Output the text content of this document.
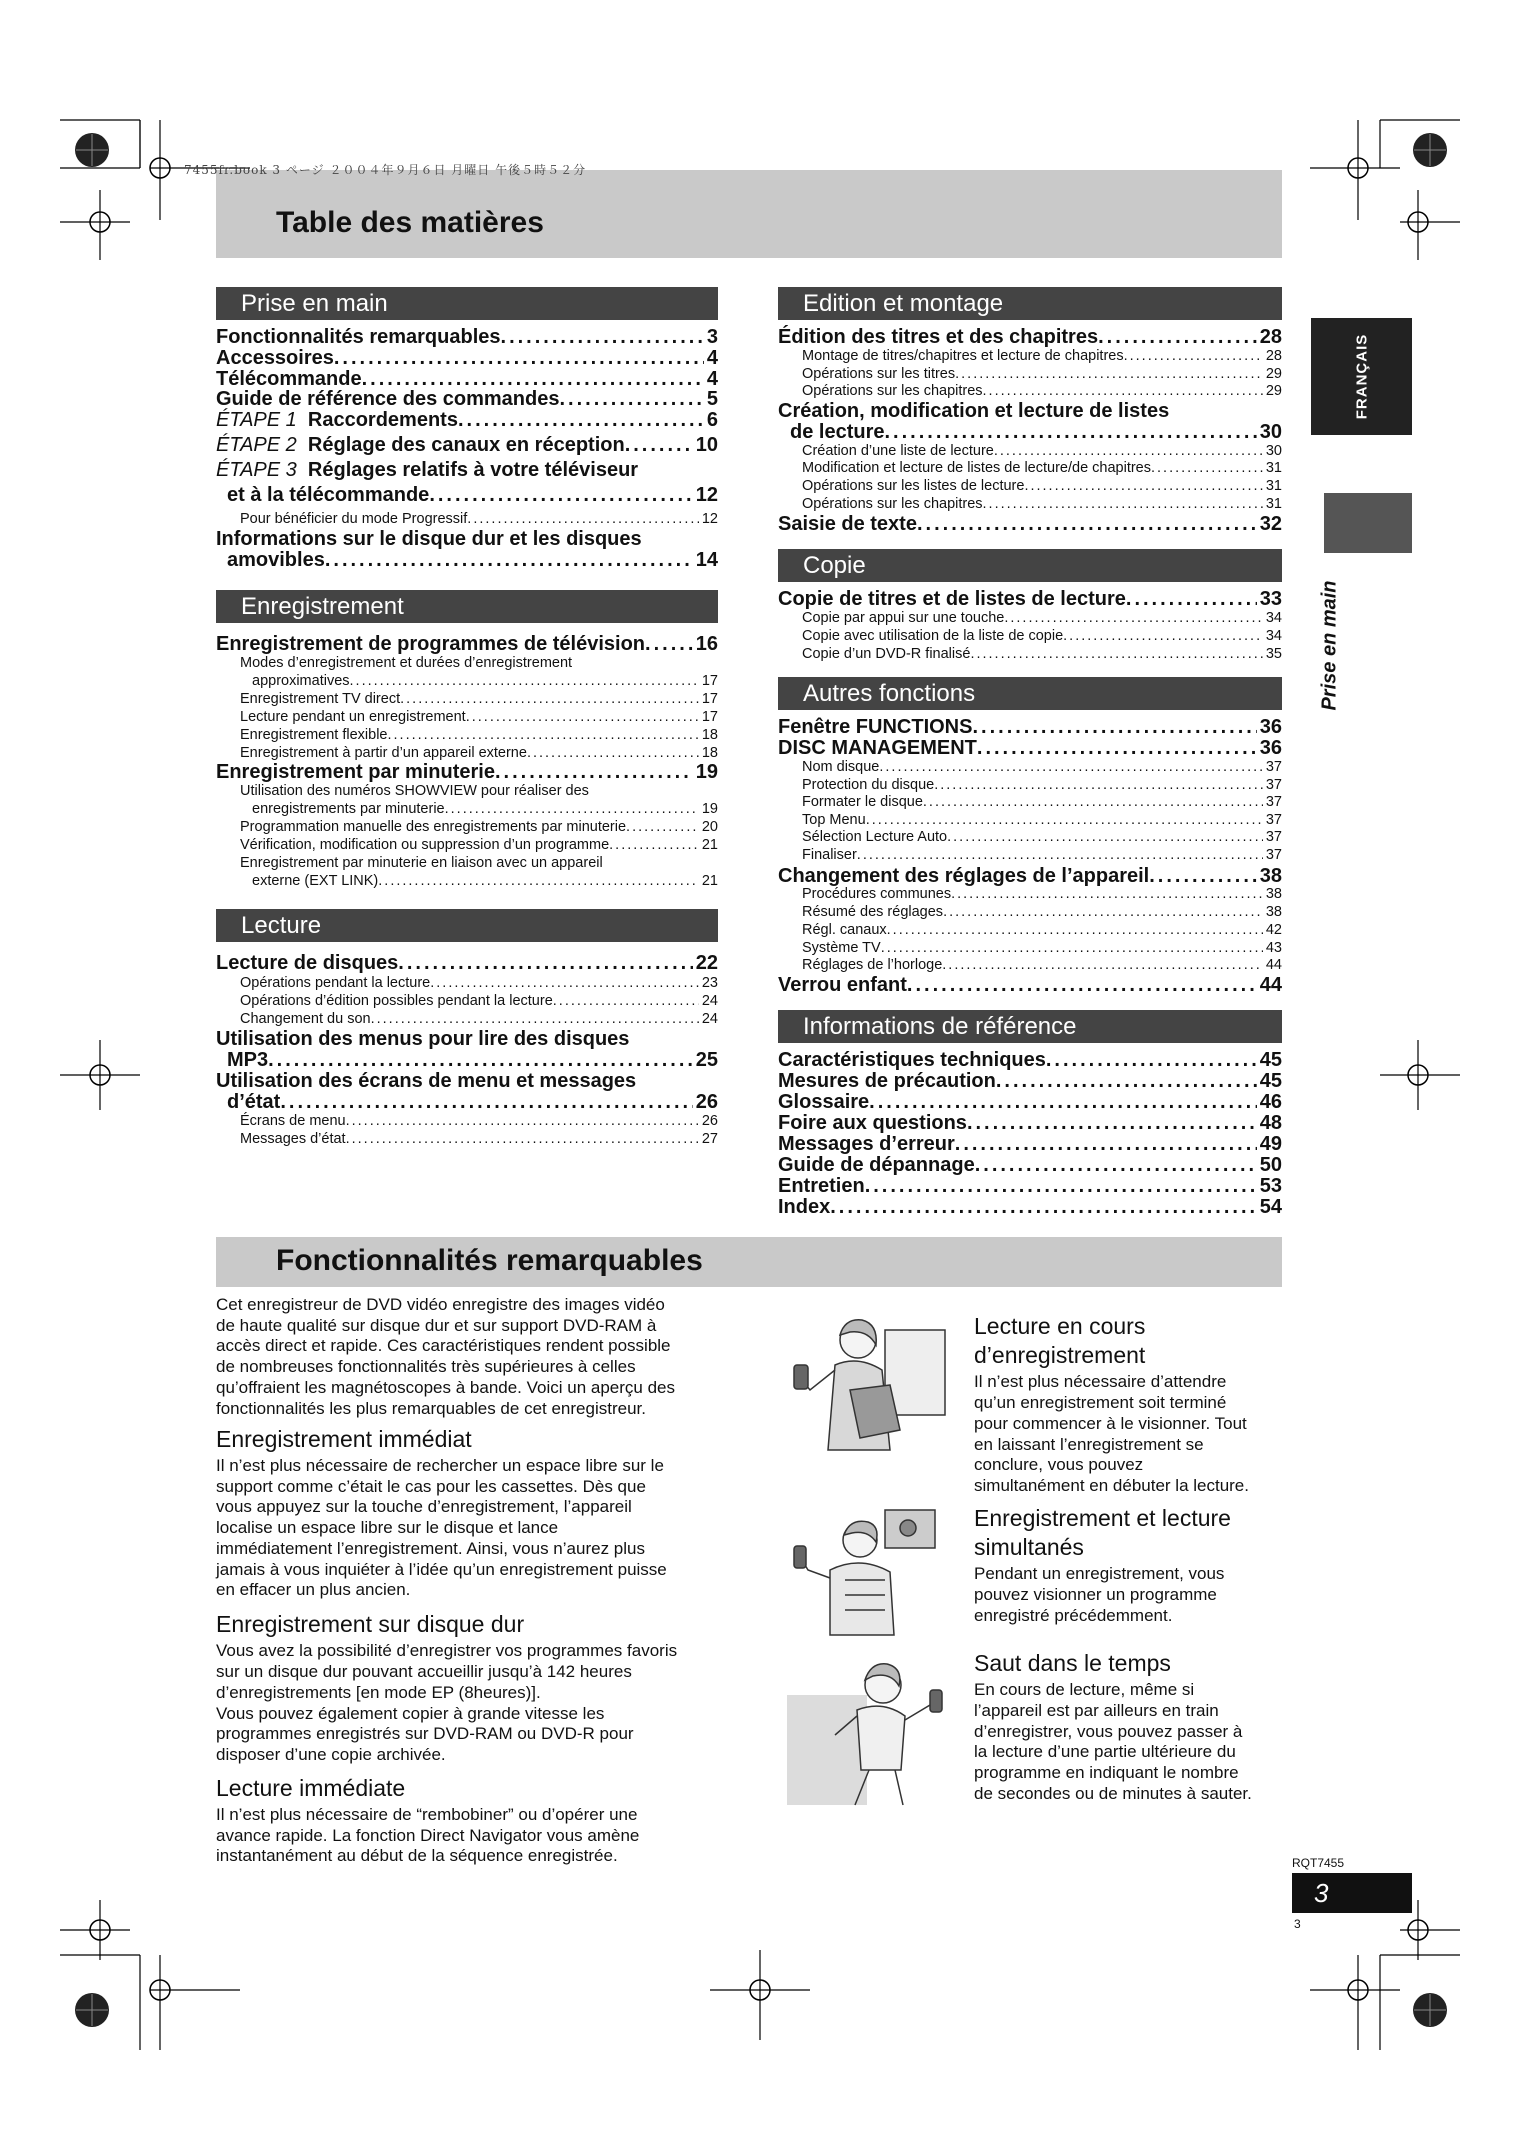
Table des matières
7455fr.book 3 ページ ２００４年９月６日 月曜日 午後５時５２分
FRANÇAIS
Prise en main
Prise en main
Fonctionnalités remarquables .....	3
Accessoires .....	4
Télécommande .....	4
Guide de référence des commandes .....	5
ÉTAPE 1 Raccordements .....	6
ÉTAPE 2 Réglage des canaux en réception .....	10
ÉTAPE 3 Réglages relatifs à votre téléviseur
et à la télécommande .....	12
Pour bénéficier du mode Progressif .....	12
Informations sur le disque dur et les disques
amovibles .....	14
Enregistrement
Enregistrement de programmes de télévision .....	16
Modes d’enregistrement et durées d’enregistrement
approximatives .....	17
Enregistrement TV direct .....	17
Lecture pendant un enregistrement .....	17
Enregistrement flexible .....	18
Enregistrement à partir d’un appareil externe .....	18
Enregistrement par minuterie .....	19
Utilisation des numéros SHOWVIEW pour réaliser des
enregistrements par minuterie .....	19
Programmation manuelle des enregistrements par minuterie .....	20
Vérification, modification ou suppression d’un programme .....	21
Enregistrement par minuterie en liaison avec un appareil
externe (EXT LINK) .....	21
Lecture
Lecture de disques .....	22
Opérations pendant la lecture .....	23
Opérations d’édition possibles pendant la lecture .....	24
Changement du son .....	24
Utilisation des menus pour lire des disques
MP3 .....	25
Utilisation des écrans de menu et messages
d’état .....	26
Écrans de menu .....	26
Messages d’état .....	27
Edition et montage
Édition des titres et des chapitres .....	28
Montage de titres/chapitres et lecture de chapitres .....	28
Opérations sur les titres .....	29
Opérations sur les chapitres .....	29
Création, modification et lecture de listes
de lecture .....	30
Création d’une liste de lecture .....	30
Modification et lecture de listes de lecture/de chapitres .....	31
Opérations sur les listes de lecture .....	31
Opérations sur les chapitres .....	31
Saisie de texte .....	32
Copie
Copie de titres et de listes de lecture .....	33
Copie par appui sur une touche .....	34
Copie avec utilisation de la liste de copie .....	34
Copie d’un DVD-R finalisé .....	35
Autres fonctions
Fenêtre FUNCTIONS .....	36
DISC MANAGEMENT .....	36
Nom disque .....	37
Protection du disque .....	37
Formater le disque .....	37
Top Menu .....	37
Sélection Lecture Auto .....	37
Finaliser .....	37
Changement des réglages de l’appareil .....	38
Procédures communes .....	38
Résumé des réglages .....	38
Régl. canaux .....	42
Système TV .....	43
Réglages de l’horloge .....	44
Verrou enfant .....	44
Informations de référence
Caractéristiques techniques .....	45
Mesures de précaution .....	45
Glossaire .....	46
Foire aux questions .....	48
Messages d’erreur .....	49
Guide de dépannage .....	50
Entretien .....	53
Index .....	54
Fonctionnalités remarquables
Cet enregistreur de DVD vidéo enregistre des images vidéo
de haute qualité sur disque dur et sur support DVD-RAM à
accès direct et rapide. Ces caractéristiques rendent possible
de nombreuses fonctionnalités très supérieures à celles
qu’offraient les magnétoscopes à bande. Voici un aperçu des
fonctionnalités les plus remarquables de cet enregistreur.
Enregistrement immédiat
Il n’est plus nécessaire de rechercher un espace libre sur le
support comme c’était le cas pour les cassettes. Dès que
vous appuyez sur la touche d’enregistrement, l’appareil
localise un espace libre sur le disque et lance
immédiatement l’enregistrement. Ainsi, vous n’aurez plus
jamais à vous inquiéter à l’idée qu’un enregistrement puisse
en effacer un plus ancien.
Enregistrement sur disque dur
Vous avez la possibilité d’enregistrer vos programmes favoris
sur un disque dur pouvant accueillir jusqu’à 142 heures
d’enregistrements [en mode EP (8heures)].
Vous pouvez également copier à grande vitesse les
programmes enregistrés sur DVD-RAM ou DVD-R pour
disposer d’une copie archivée.
Lecture immédiate
Il n’est plus nécessaire de “rembobiner” ou d’opérer une
avance rapide. La fonction Direct Navigator vous amène
instantanément au début de la séquence enregistrée.
Lecture en cours
d’enregistrement
Il n’est plus nécessaire d’attendre
qu’un enregistrement soit terminé
pour commencer à le visionner. Tout
en laissant l’enregistrement se
conclure, vous pouvez
simultanément en débuter la lecture.
Enregistrement et lecture
simultanés
Pendant un enregistrement, vous
pouvez visionner un programme
enregistré précédemment.
Saut dans le temps
En cours de lecture, même si
l’appareil est par ailleurs en train
d’enregistrer, vous pouvez passer à
la lecture d’une partie ultérieure du
programme en indiquant le nombre
de secondes ou de minutes à sauter.
RQT7455
3
3
